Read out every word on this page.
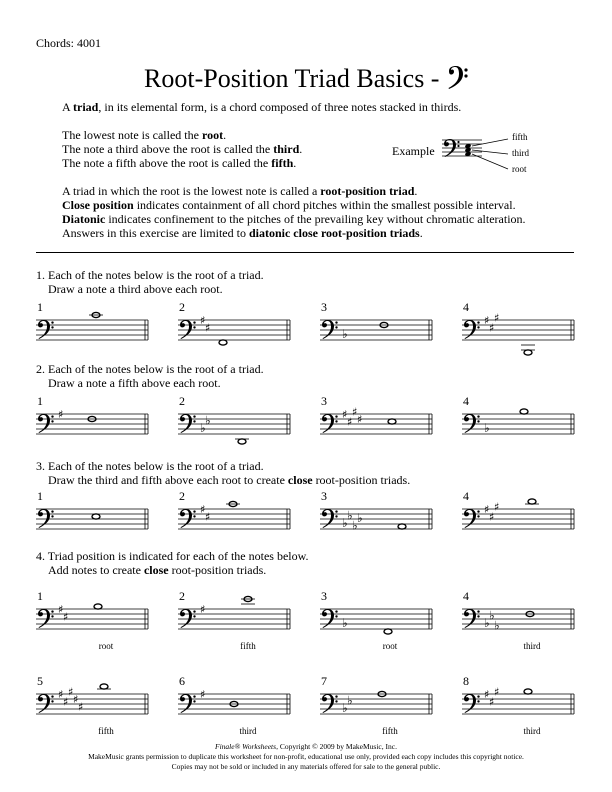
Chords: 4001
Root-Position Triad Basics -
A triad, in its elemental form, is a chord composed of three notes stacked in thirds.
The lowest note is called the root.
The note a third above the root is called the third.
The note a fifth above the root is called the fifth.
Example
fifth
third
root
A triad in which the root is the lowest note is called a root-position triad.
Close position indicates containment of all chord pitches within the smallest possible interval.
Diatonic indicates confinement to the pitches of the prevailing key without chromatic alteration.
Answers in this exercise are limited to diatonic close root-position triads.
1. Each of the notes below is the root of a triad.
Draw a note a third above each root.
2. Each of the notes below is the root of a triad.
Draw a note a fifth above each root.
3. Each of the notes below is the root of a triad.
Draw the third and fifth above each root to create close root-position triads.
4. Triad position is indicated for each of the notes below.
Add notes to create close root-position triads.
1	2
♯
♯
3
♭
4
♯
♯
♯
1
♯
2
♭
♭
3
♯
♯
♯
♯
4
♭
1	2
♯
♯
3
♭
♭
♭
♭
4
♯
♯
♯
1
♯
♯
root
2
♯
fifth
3
♭
root
4
♭
♭
♭
third
5
♯
♯
♯
♯
♯
fifth
6
♯
third
7
♭
♭
fifth
8
♯
♯
♯
third
Finale® Worksheets, Copyright © 2009 by MakeMusic, Inc.
MakeMusic grants permission to duplicate this worksheet for non-profit, educational use only, provided each copy includes this copyright notice.
Copies may not be sold or included in any materials offered for sale to the general public.
